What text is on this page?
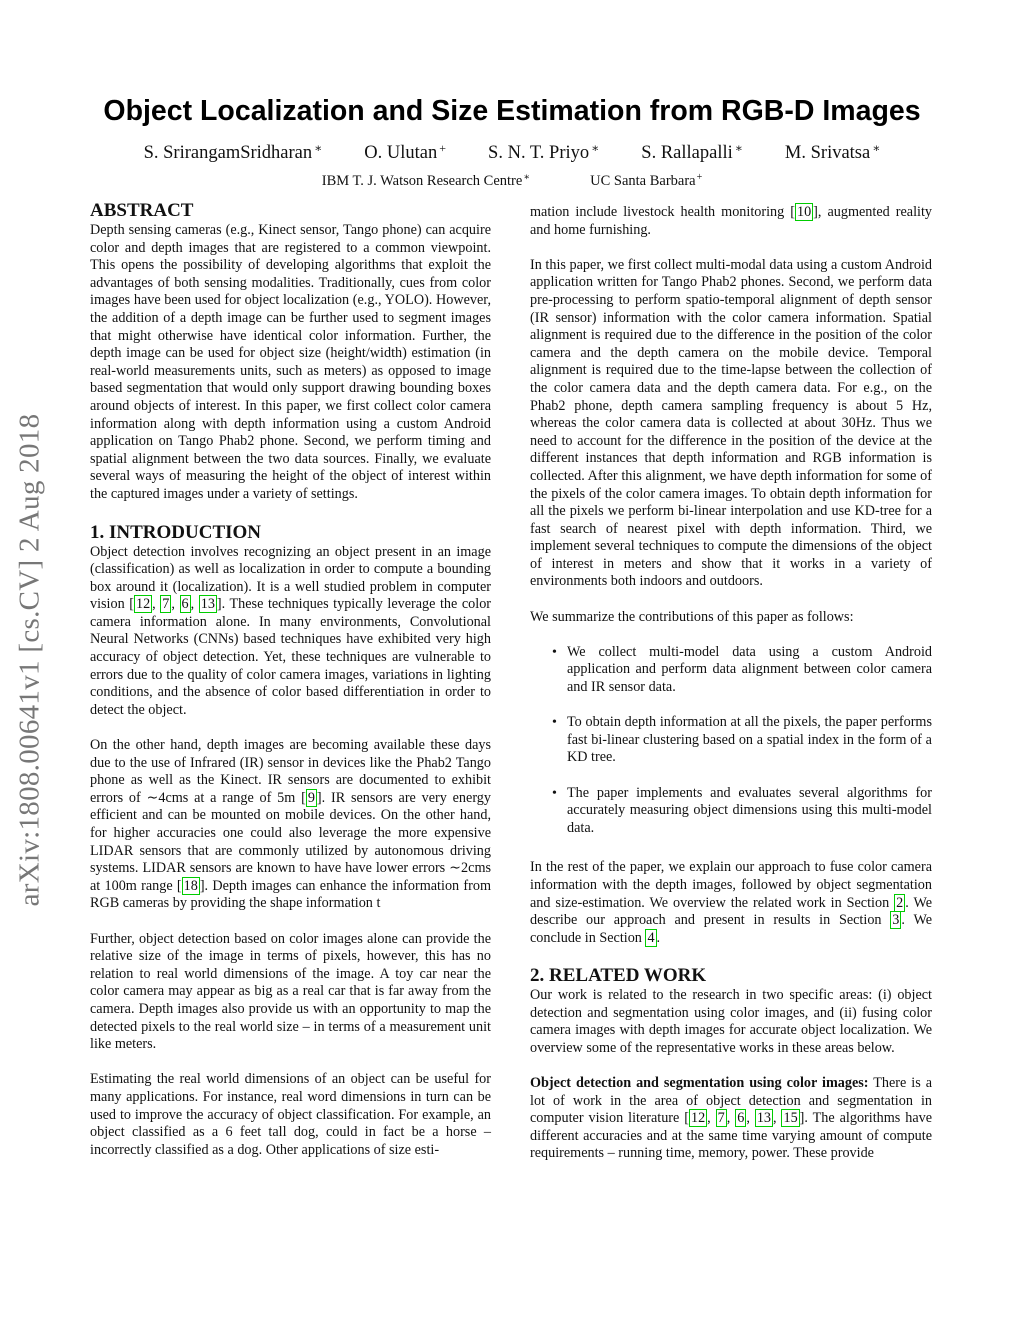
arXiv:1808.00641v1 [cs.CV] 2 Aug 2018
Object Localization and Size Estimation from RGB-D Images
S. SrirangamSridharan ∗ O. Ulutan + S. N. T. Priyo ∗ S. Rallapalli ∗ M. Srivatsa ∗
IBM T. J. Watson Research Centre∗	UC Santa Barbara+
ABSTRACT

Depth sensing cameras (e.g., Kinect sensor, Tango phone) can acquire color and depth images that are registered to a common viewpoint. This opens the possibility of developing algorithms that exploit the advantages of both sensing modalities. Traditionally, cues from color images have been used for object localization (e.g., YOLO). However, the addition of a depth image can be further used to segment images that might otherwise have identical color information. Further, the depth image can be used for object size (height/width) estimation (in real-world measurements units, such as meters) as opposed to image based segmentation that would only support drawing bounding boxes around objects of interest. In this paper, we first collect color camera information along with depth information using a custom Android application on Tango Phab2 phone. Second, we perform timing and spatial alignment between the two data sources. Finally, we evaluate several ways of measuring the height of the object of interest within the captured images under a variety of settings.

1. INTRODUCTION

Object detection involves recognizing an object present in an image (classification) as well as localization in order to compute a bounding box around it (localization). It is a well studied problem in computer vision [ 12 , 7 , 6 , 13 ]. These techniques typically leverage the color camera information alone. In many environments, Convolutional Neural Networks (CNNs) based techniques have exhibited very high accuracy of object detection. Yet, these techniques are vulnerable to errors due to the quality of color camera images, variations in lighting conditions, and the absence of color based differentiation in order to detect the object.

On the other hand, depth images are becoming available these days due to the use of Infrared (IR) sensor in devices like the Phab2 Tango phone as well as the Kinect. IR sensors are documented to exhibit errors of ∼4cms at a range of 5m [ 9 ]. IR sensors are very energy efficient and can be mounted on mobile devices. On the other hand, for higher accuracies one could also leverage the more expensive LIDAR sensors that are commonly utilized by autonomous driving systems. LIDAR sensors are known to have have lower errors ∼2cms at 100m range [ 18 ]. Depth images can enhance the information from RGB cameras by providing the shape information t

Further, object detection based on color images alone can provide the relative size of the image in terms of pixels, however, this has no relation to real world dimensions of the image. A toy car near the color camera may appear as big as a real car that is far away from the camera. Depth images also provide us with an opportunity to map the detected pixels to the real world size – in terms of a measurement unit like meters.

Estimating the real world dimensions of an object can be useful for many applications. For instance, real word dimensions in turn can be used to improve the accuracy of object classification. For example, an object classified as a 6 feet tall dog, could in fact be a horse – incorrectly classified as a dog. Other applications of size esti-

mation include livestock health monitoring [ 10 ], augmented reality and home furnishing.

In this paper, we first collect multi-modal data using a custom Android application written for Tango Phab2 phones. Second, we perform data pre-processing to perform spatio-temporal alignment of depth sensor (IR sensor) information with the color camera information. Spatial alignment is required due to the difference in the position of the color camera and the depth camera on the mobile device. Temporal alignment is required due to the time-lapse between the collection of the color camera data and the depth camera data. For e.g., on the Phab2 phone, depth camera sampling frequency is about 5 Hz, whereas the color camera data is collected at about 30Hz. Thus we need to account for the difference in the position of the device at the different instances that depth information and RGB information is collected. After this alignment, we have depth information for some of the pixels of the color camera images. To obtain depth information for all the pixels we perform bi-linear interpolation and use KD-tree for a fast search of nearest pixel with depth information. Third, we implement several techniques to compute the dimensions of the object of interest in meters and show that it works in a variety of environments both indoors and outdoors.

We summarize the contributions of this paper as follows:

• We collect multi-model data using a custom Android application and perform data alignment between color camera and IR sensor data.
• To obtain depth information at all the pixels, the paper performs fast bi-linear clustering based on a spatial index in the form of a KD tree.
• The paper implements and evaluates several algorithms for accurately measuring object dimensions using this multi-model data.

In the rest of the paper, we explain our approach to fuse color camera information with the depth images, followed by object segmentation and size-estimation. We overview the related work in Section 2 . We describe our approach and present in results in Section 3 . We conclude in Section 4 .

2. RELATED WORK

Our work is related to the research in two specific areas: (i) object detection and segmentation using color images, and (ii) fusing color camera images with depth images for accurate object localization. We overview some of the representative works in these areas below.

Object detection and segmentation using color images: There is a lot of work in the area of object detection and segmentation in computer vision literature [ 12 , 7 , 6 , 13 , 15 ]. The algorithms have different accuracies and at the same time varying amount of compute requirements – running time, memory, power. These provide
